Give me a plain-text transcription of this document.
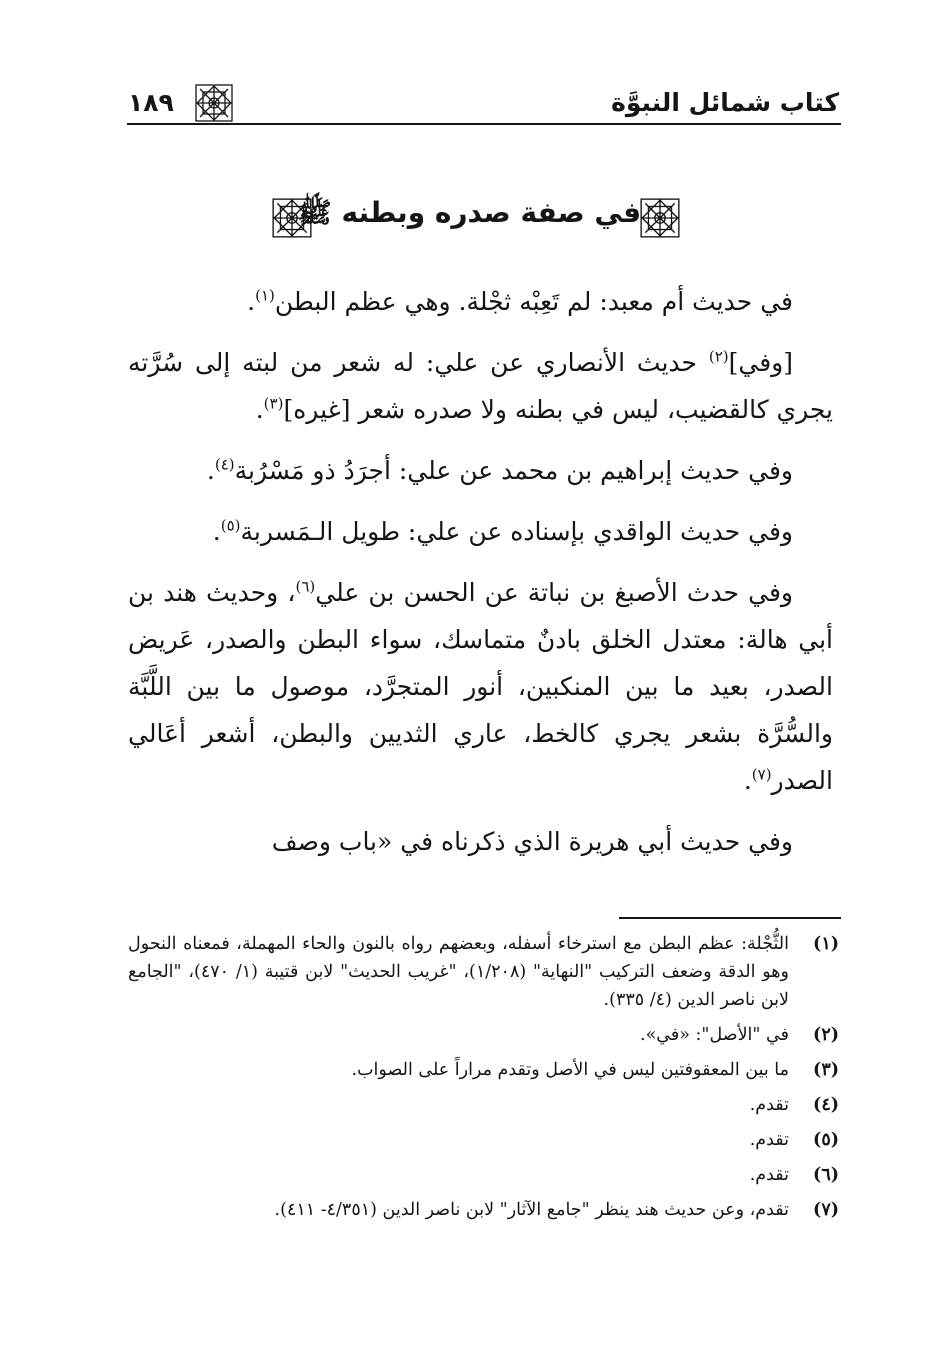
كتاب شمائل النبوَّة
١٨٩
في صفة صدره وبطنه ﷺ

في حديث أم معبد: لم تَعِبْه ثجْلة. وهي عظم البطن$^{(١)}$.

[وفي]$^{(٢)}$ حديث الأنصاري عن علي: له شعر من لبته إلى سُرَّته يجري كالقضيب، ليس في بطنه ولا صدره شعر [غيره]$^{(٣)}$.

وفي حديث إبراهيم بن محمد عن علي: أجرَدُ ذو مَسْرُبة$^{(٤)}$.

وفي حديث الواقدي بإسناده عن علي: طويل الـمَسربة$^{(٥)}$.

وفي حدث الأصبغ بن نباتة عن الحسن بن علي$^{(٦)}$، وحديث هند بن أبي هالة: معتدل الخلق بادنٌ متماسك، سواء البطن والصدر، عَريض الصدر، بعيد ما بين المنكبين، أنور المتجرَّد، موصول ما بين اللَّبَّة والسُّرَّة بشعر يجري كالخط، عاري الثديين والبطن، أشعر أعَالي الصدر$^{(٧)}$.

وفي حديث أبي هريرة الذي ذكرناه في «باب وصف

(١)
الثُّجْلة: عظم البطن مع استرخاء أسفله، وبعضهم رواه بالنون والحاء المهملة، فمعناه النحول وهو الدقة وضعف التركيب "النهاية" (١/٢٠٨)، "غريب الحديث" لابن قتيبة (١/ ٤٧٠)، "الجامع لابن ناصر الدين (٤/ ٣٣٥).
(٢)
في "الأصل": «في».
(٣)
ما بين المعقوفتين ليس في الأصل وتقدم مراراً على الصواب.
(٤)
تقدم.
(٥)
تقدم.
(٦)
تقدم.
(٧)
تقدم، وعن حديث هند ينظر "جامع الآثار" لابن ناصر الدين (٤/٣٥١- ٤١١).
